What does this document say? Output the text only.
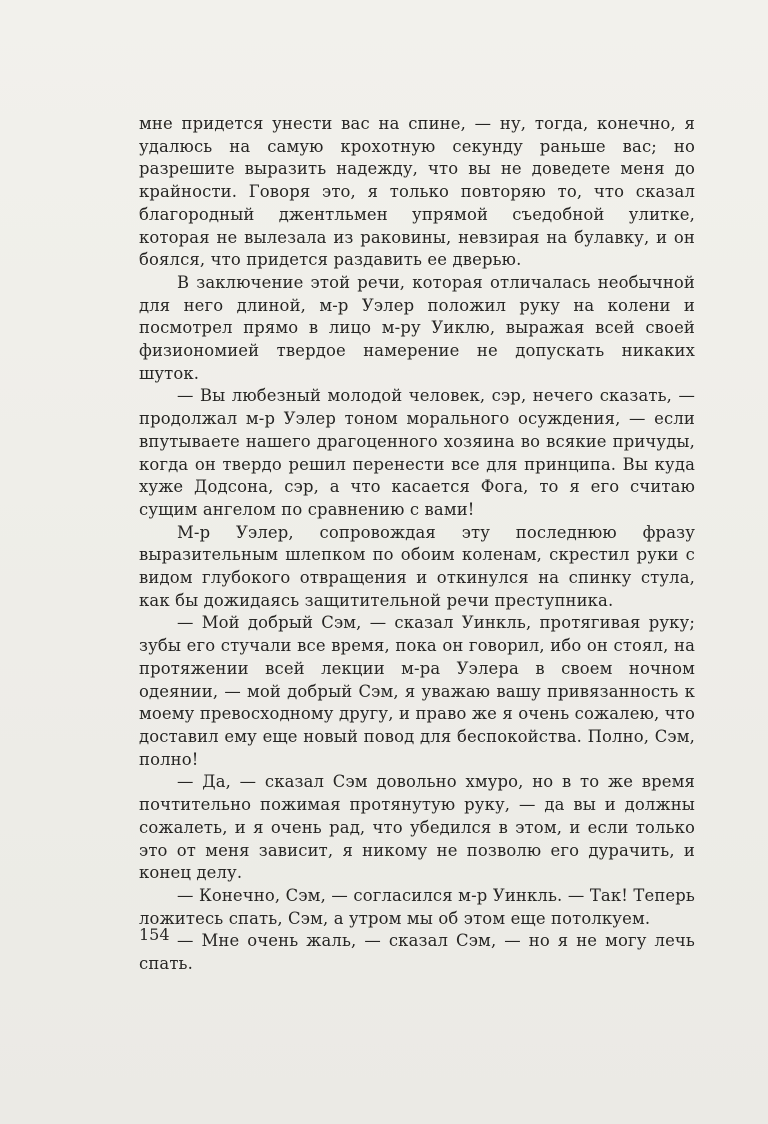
мне придется унести вас на спине, — ну, тогда, конечно, я удалюсь на самую крохотную секунду раньше вас; но разрешите выразить надежду, что вы не доведете меня до крайности. Говоря это, я только повторяю то, что сказал благородный джентльмен упрямой съедобной улитке, которая не вылезала из раковины, невзирая на булавку, и он боялся, что придется раздавить ее дверью.

В заключение этой речи, которая отличалась необычной для него длиной, м-р Уэлер положил руку на колени и посмотрел прямо в лицо м-ру Уиклю, выражая всей своей физиономией твердое намерение не допускать никаких шуток.

— Вы любезный молодой человек, сэр, нечего сказать, — продолжал м-р Уэлер тоном морального осуждения, — если впутываете нашего драгоценного хозяина во всякие причуды, когда он твердо решил перенести все для принципа. Вы куда хуже Додсона, сэр, а что касается Фога, то я его считаю сущим ангелом по сравнению с вами!

М-р Уэлер, сопровождая эту последнюю фразу выразительным шлепком по обоим коленам, скрестил руки с видом глубокого отвращения и откинулся на спинку стула, как бы дожидаясь защитительной речи преступника.

— Мой добрый Сэм, — сказал Уинкль, протягивая руку; зубы его стучали все время, пока он говорил, ибо он стоял, на протяжении всей лекции м-ра Уэлера в своем ночном одеянии, — мой добрый Сэм, я уважаю вашу привязанность к моему превосходному другу, и право же я очень сожалею, что доставил ему еще новый повод для беспокойства. Полно, Сэм, полно!

— Да, — сказал Сэм довольно хмуро, но в то же время почтительно пожимая протянутую руку, — да вы и должны сожалеть, и я очень рад, что убедился в этом, и если только это от меня зависит, я никому не позволю его дурачить, и конец делу.

— Конечно, Сэм, — согласился м-р Уинкль. — Так! Теперь ложитесь спать, Сэм, а утром мы об этом еще потолкуем.

— Мне очень жаль, — сказал Сэм, — но я не могу лечь спать.

154
